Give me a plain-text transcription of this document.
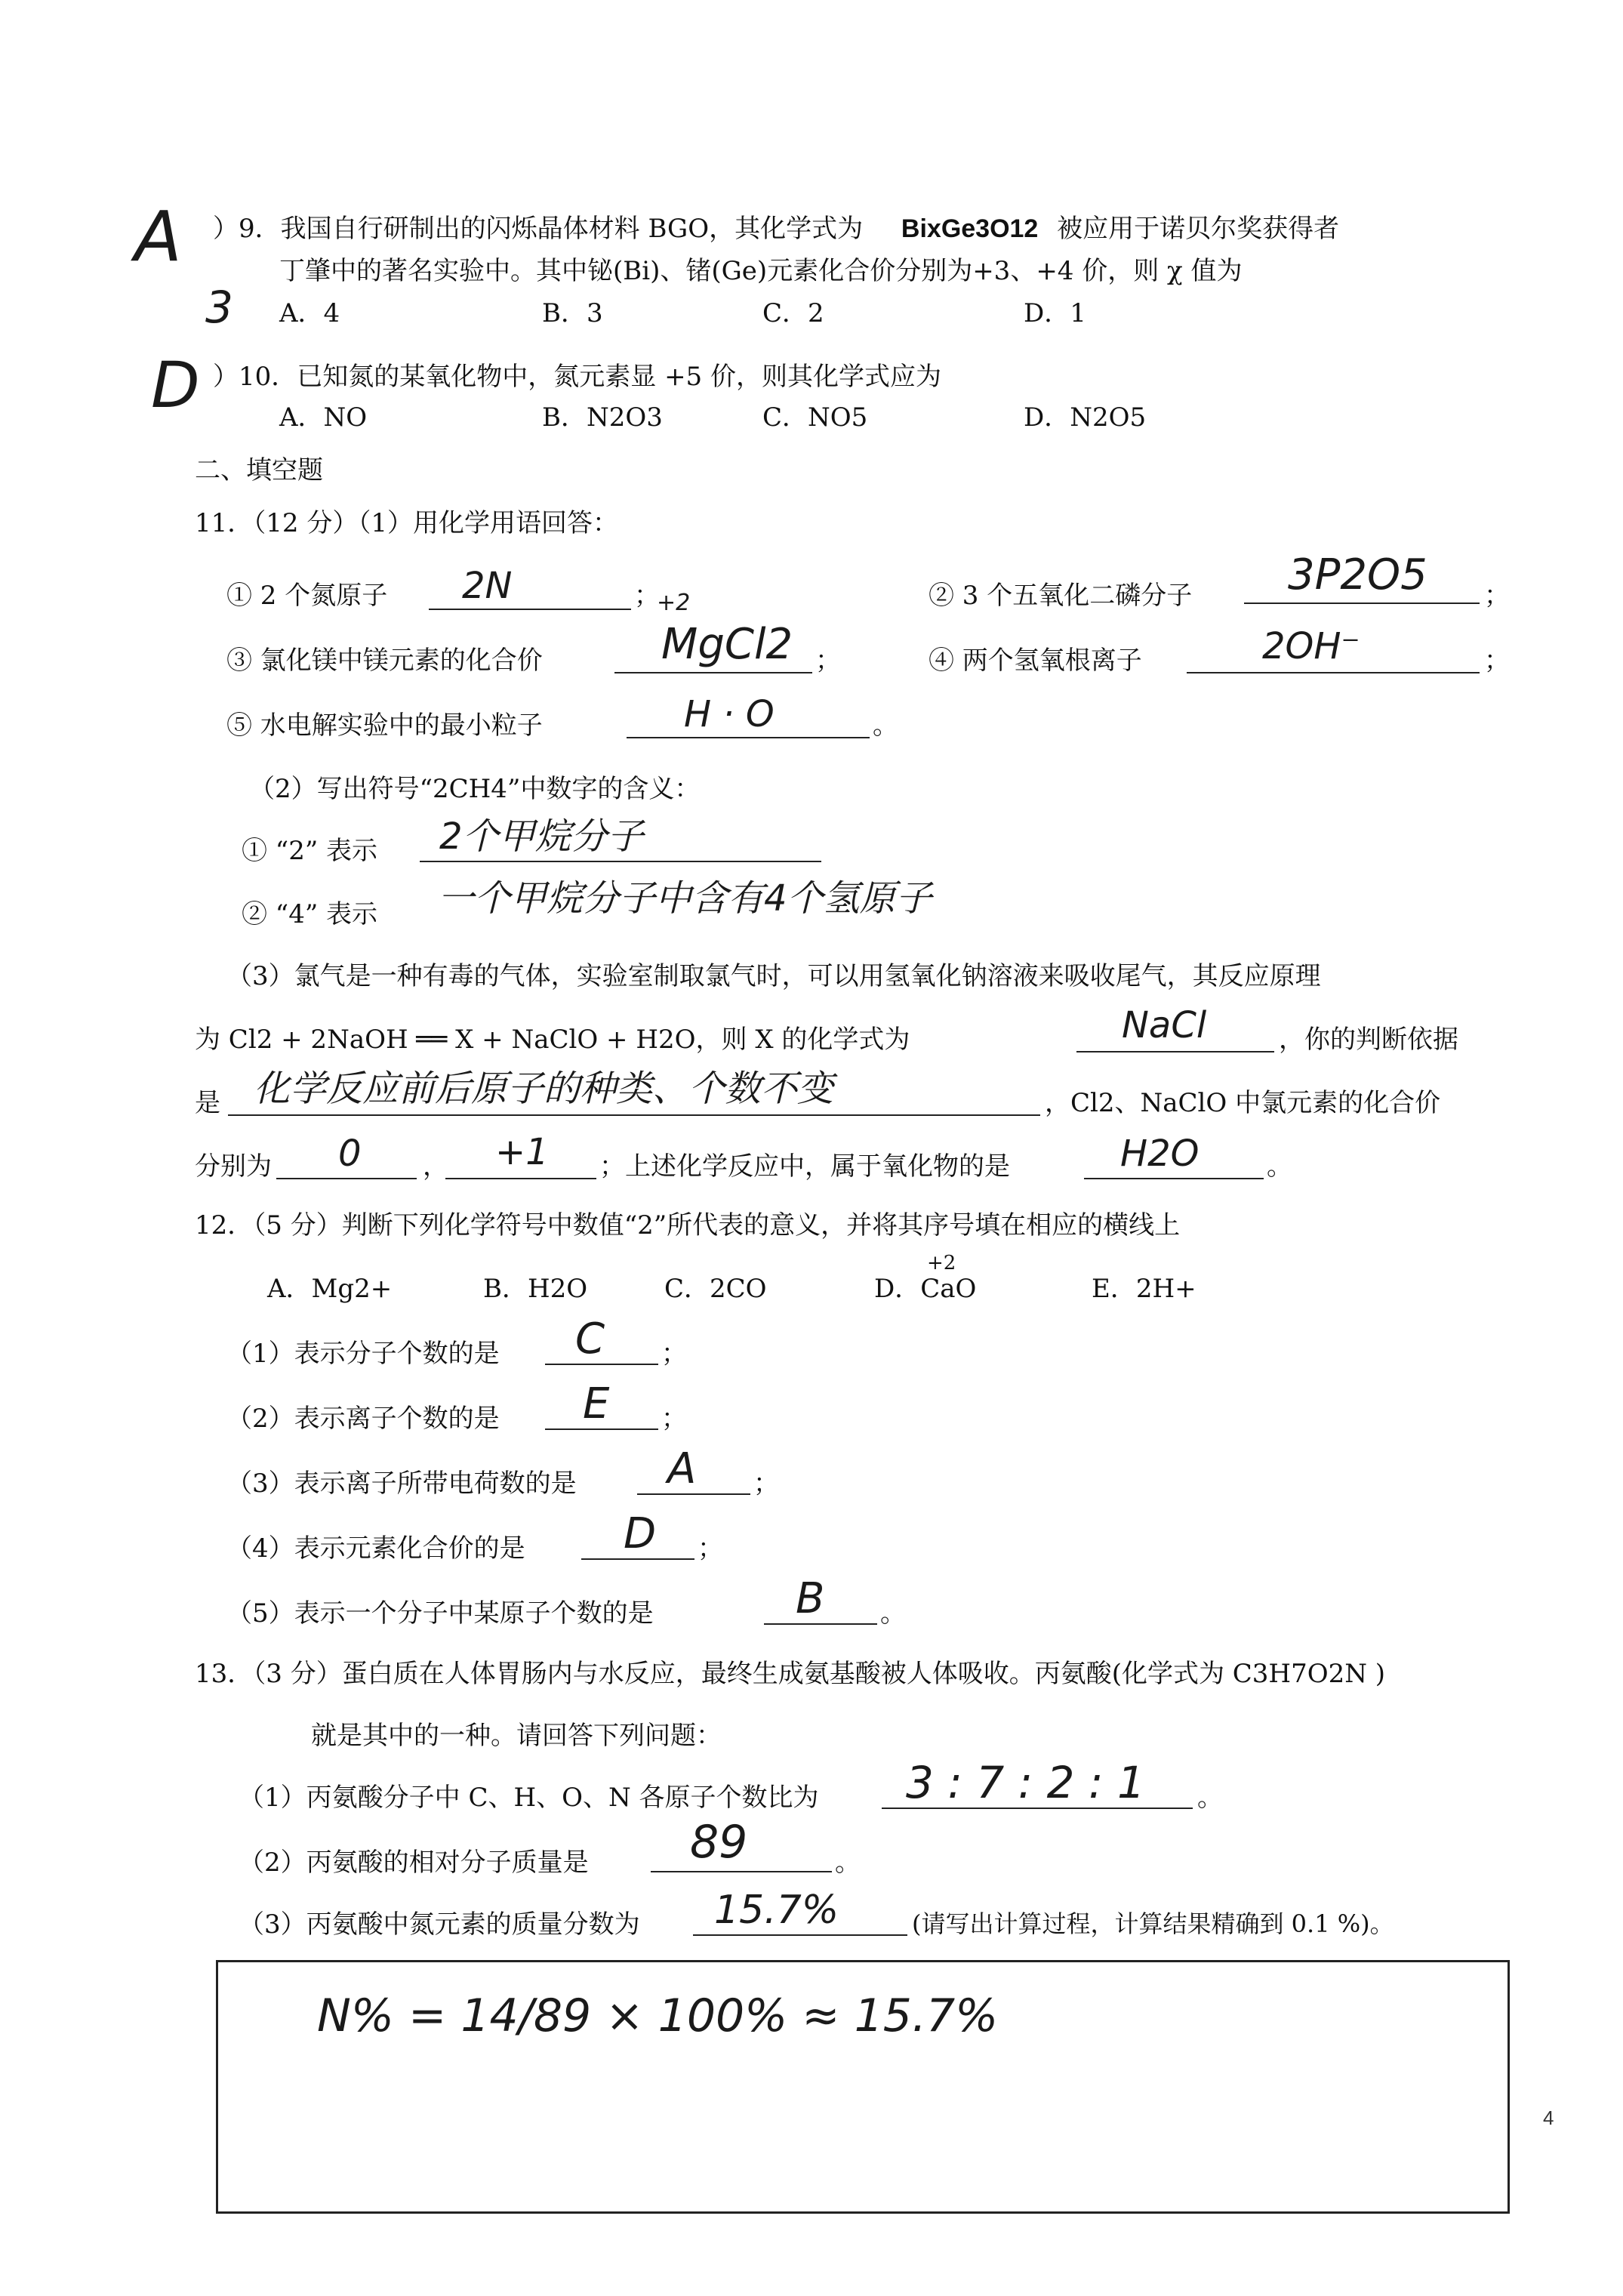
A
3
）9．我国自行研制出的闪烁晶体材料 BGO，其化学式为 BixGe3O12 被应用于诺贝尔奖获得者
丁肇中的著名实验中。其中铋(Bi)、锗(Ge)元素化合价分别为+3、+4 价，则 χ 值为
A．4	B．3	C．2	D．1
D ）10．已知氮的某氧化物中，氮元素显 +5 价，则其化学式应为
A．NO	B．N2O3	C．NO5	D．N2O5
二、填空题
11．（12 分）（1）用化学用语回答：
① 2 个氮原子 2N	；	② 3 个五氧化二磷分子 3P2O5 ；
+2
③ 氯化镁中镁元素的化合价	MgCl2 ；	④ 两个氢氧根离子	2OH⁻	；
⑤ 水电解实验中的最小粒子	H · O	。
（2）写出符号“2CH4”中数字的含义：
① “2” 表示 2个甲烷分子
② “4” 表示 一个甲烷分子中含有4个氢原子
（3）氯气是一种有毒的气体，实验室制取氯气时，可以用氢氧化钠溶液来吸收尾气，其反应原理
为 Cl2 + 2NaOH ══ X + NaClO + H2O，则 X 的化学式为	NaCl	，你的判断依据
是 化学反应前后原子的种类、个数不变	，Cl2、NaClO 中氯元素的化合价
分别为 0 ， +1 ；上述化学反应中，属于氧化物的是	H2O	。
12．（5 分）判断下列化学符号中数值“2”所代表的意义，并将其序号填在相应的横线上
A．Mg2+	B．H2O	C．2CO
+2
D．CaO	E．2H+
（1）表示分子个数的是 C ；
（2）表示离子个数的是 E ；
（3）表示离子所带电荷数的是 A ；
（4）表示元素化合价的是 D ；
（5）表示一个分子中某原子个数的是	B 。
13．（3 分）蛋白质在人体胃肠内与水反应，最终生成氨基酸被人体吸收。丙氨酸(化学式为 C3H7O2N )
就是其中的一种。请回答下列问题：
（1）丙氨酸分子中 C、H、O、N 各原子个数比为 3 : 7 : 2 : 1 。
（2）丙氨酸的相对分子质量是 89	。
（3）丙氨酸中氮元素的质量分数为 15.7%	(请写出计算过程，计算结果精确到 0.1 %)。
N% = 14/89 × 100% ≈ 15.7%
4
